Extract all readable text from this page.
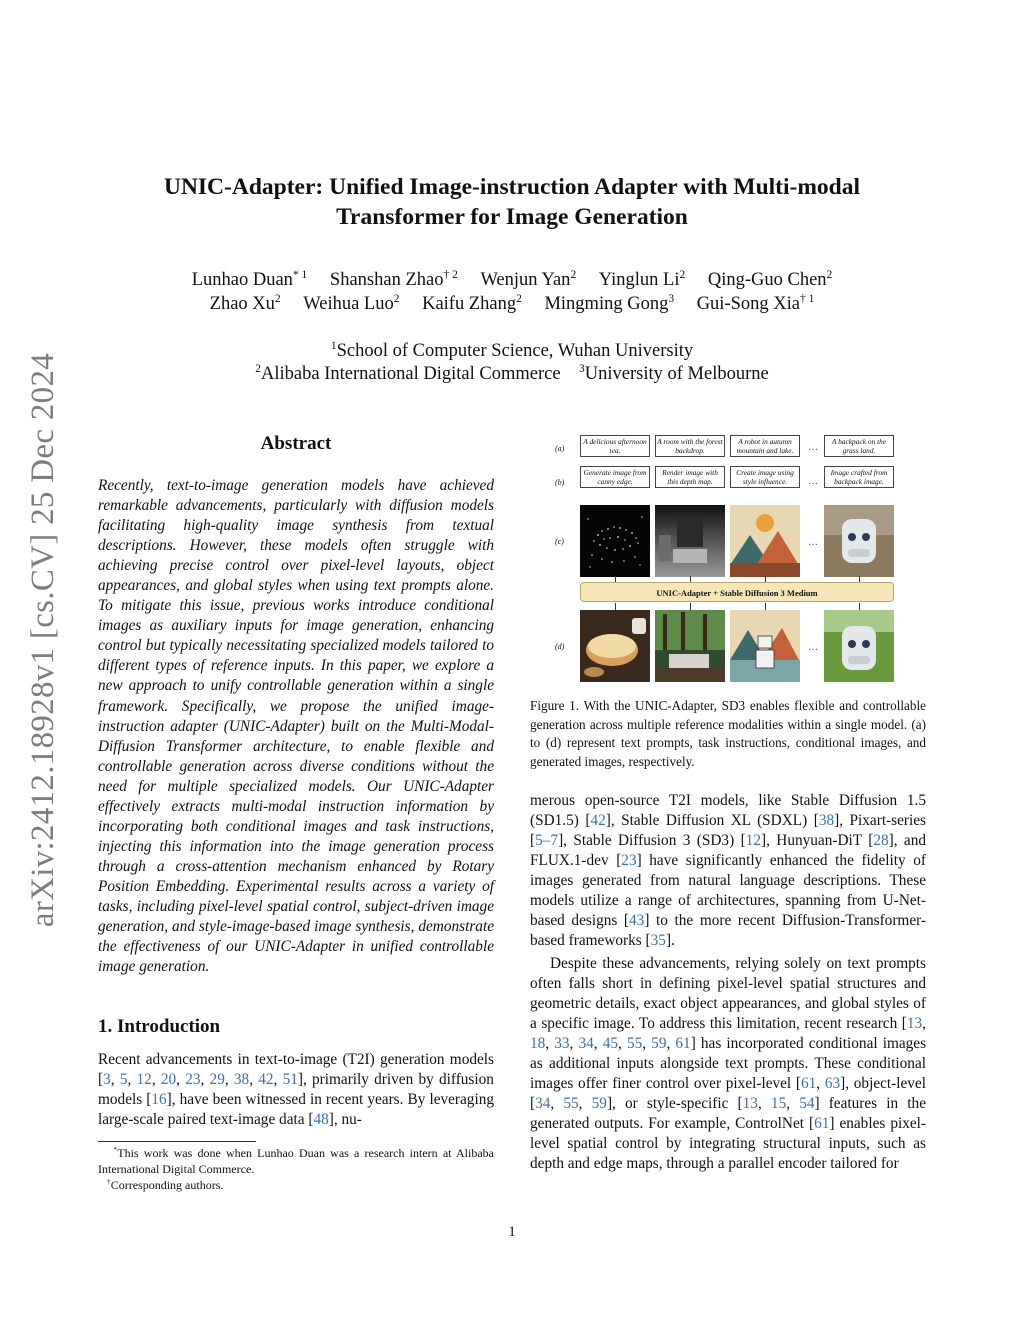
arXiv:2412.18928v1 [cs.CV] 25 Dec 2024
UNIC-Adapter: Unified Image-instruction Adapter with Multi-modal
Transformer for Image Generation
Lunhao Duan$^{* 1}$ Shanshan Zhao$^{\dagger 2}$ Wenjun Yan$^2$ Yinglun Li$^2$ Qing-Guo Chen$^2$
Zhao Xu$^2$ Weihua Luo$^2$ Kaifu Zhang$^2$ Mingming Gong$^3$ Gui-Song Xia$^{\dagger 1}$
$^1$School of Computer Science, Wuhan University
$^2$Alibaba International Digital Commerce $^3$University of Melbourne
Abstract
Recently, text-to-image generation models have achieved remarkable advancements, particularly with diffusion models facilitating high-quality image synthesis from textual descriptions. However, these models often struggle with achieving precise control over pixel-level layouts, object appearances, and global styles when using text prompts alone. To mitigate this issue, previous works introduce conditional images as auxiliary inputs for image generation, enhancing control but typically necessitating specialized models tailored to different types of reference inputs. In this paper, we explore a new approach to unify controllable generation within a single framework. Specifically, we propose the unified image-instruction adapter (UNIC-Adapter) built on the Multi-Modal-Diffusion Transformer architecture, to enable flexible and controllable generation across diverse conditions without the need for multiple specialized models. Our UNIC-Adapter effectively extracts multi-modal instruction information by incorporating both conditional images and task instructions, injecting this information into the image generation process through a cross-attention mechanism enhanced by Rotary Position Embedding. Experimental results across a variety of tasks, including pixel-level spatial control, subject-driven image generation, and style-image-based image synthesis, demonstrate the effectiveness of our UNIC-Adapter in unified controllable image generation.
1. Introduction
Recent advancements in text-to-image (T2I) generation models [3, 5, 12, 20, 23, 29, 38, 42, 51], primarily driven by diffusion models [16], have been witnessed in recent years. By leveraging large-scale paired text-image data [48], nu-
*This work was done when Lunhao Duan was a research intern at Alibaba International Digital Commerce.
†Corresponding authors.
(a)
(b)
(c)
(d)
A delicious afternoon tea.
A room with the forest backdrop.
A robot in autumn mountain and lake.	…
A backpack on the grass land.
Generate image from canny edge.
Render image with this depth map.
Create image using style influence.	…
Image crafted from backpack image.
…
UNIC-Adapter + Stable Diffusion 3 Medium
…
Figure 1. With the UNIC-Adapter, SD3 enables flexible and controllable generation across multiple reference modalities within a single model. (a) to (d) represent text prompts, task instructions, conditional images, and generated images, respectively.
merous open-source T2I models, like Stable Diffusion 1.5 (SD1.5) [42], Stable Diffusion XL (SDXL) [38], Pixart-series [5–7], Stable Diffusion 3 (SD3) [12], Hunyuan-DiT [28], and FLUX.1-dev [23] have significantly enhanced the fidelity of images generated from natural language descriptions. These models utilize a range of architectures, spanning from U-Net-based designs [43] to the more recent Diffusion-Transformer-based frameworks [35].

Despite these advancements, relying solely on text prompts often falls short in defining pixel-level spatial structures and geometric details, exact object appearances, and global styles of a specific image. To address this limitation, recent research [13, 18, 33, 34, 45, 55, 59, 61] has incorporated conditional images as additional inputs alongside text prompts. These conditional images offer finer control over pixel-level [61, 63], object-level [34, 55, 59], or style-specific [13, 15, 54] features in the generated outputs. For example, ControlNet [61] enables pixel-level spatial control by integrating structural inputs, such as depth and edge maps, through a parallel encoder tailored for

1
